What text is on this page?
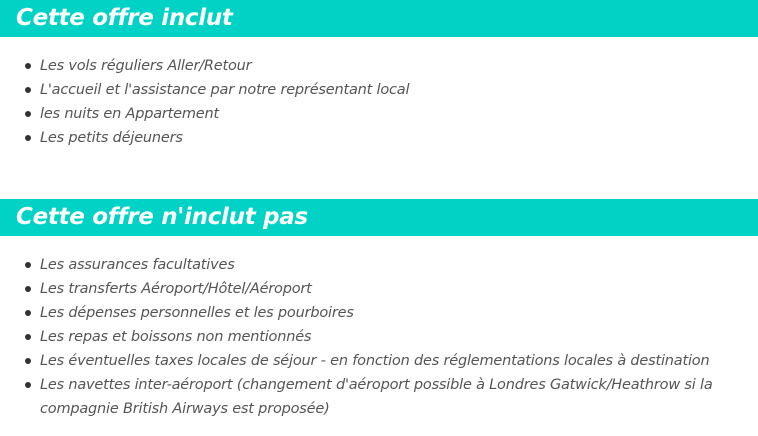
Cette offre inclut
Les vols réguliers Aller/Retour
L'accueil et l'assistance par notre représentant local
les nuits en Appartement
Les petits déjeuners
Cette offre n'inclut pas
Les assurances facultatives
Les transferts Aéroport/Hôtel/Aéroport
Les dépenses personnelles et les pourboires
Les repas et boissons non mentionnés
Les éventuelles taxes locales de séjour - en fonction des réglementations locales à destination
Les navettes inter-aéroport (changement d'aéroport possible à Londres Gatwick/Heathrow si la compagnie British Airways est proposée)
